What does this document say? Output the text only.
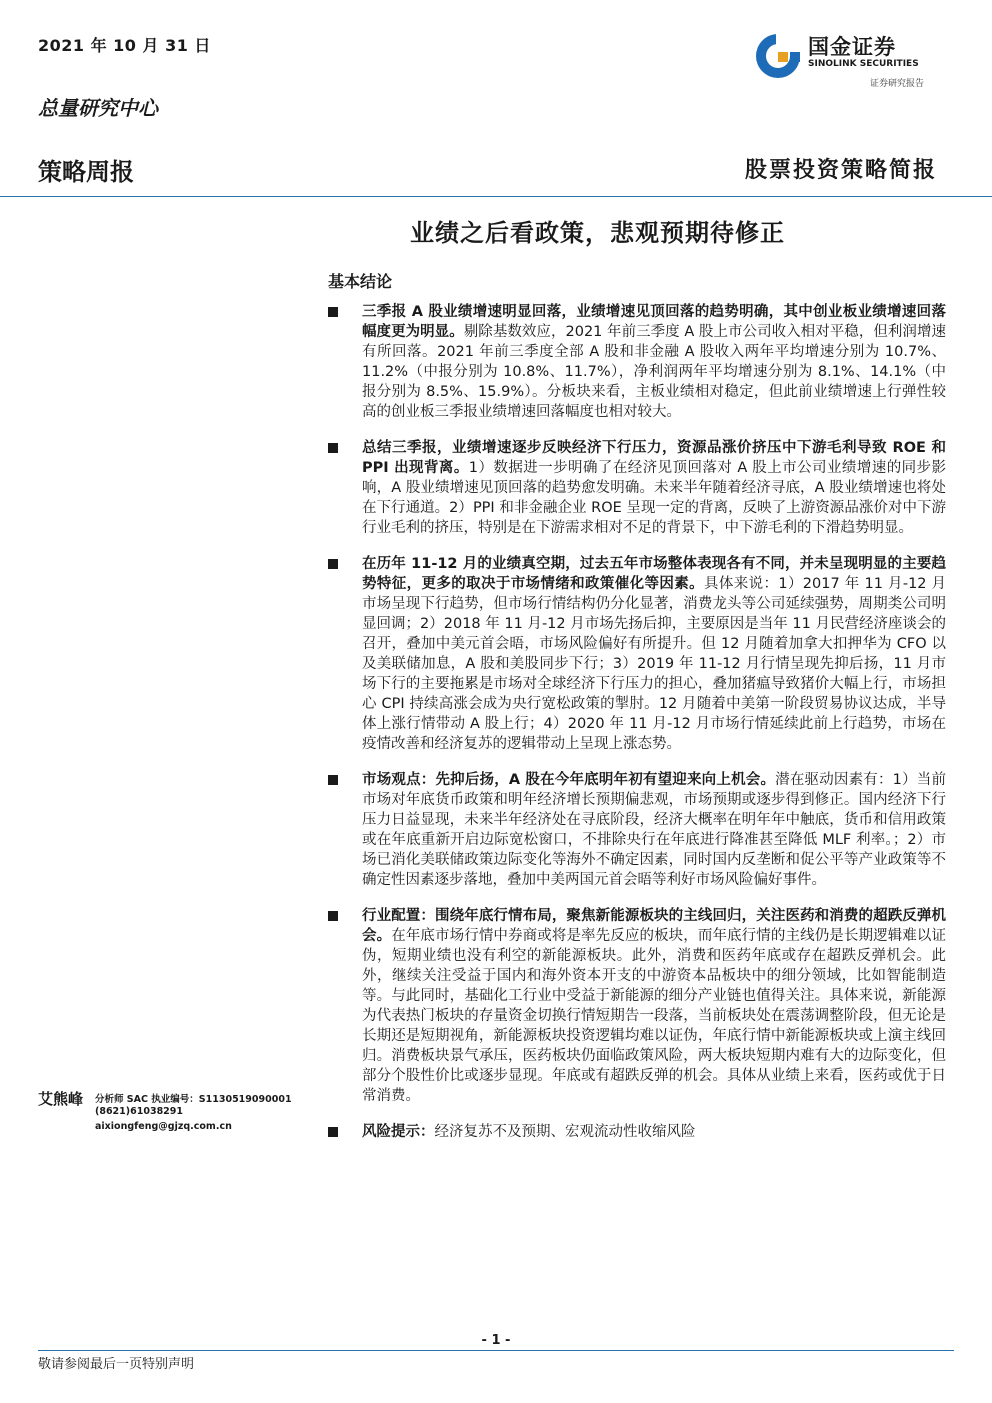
2021 年 10 月 31 日
总量研究中心
国金证券
SINOLINK SECURITIES
证券研究报告
策略周报	股票投资策略简报
业绩之后看政策，悲观预期待修正
基本结论
三季报 A 股业绩增速明显回落，业绩增速见顶回落的趋势明确，其中创业板业绩增速回落幅度更为明显。剔除基数效应，2021 年前三季度 A 股上市公司收入相对平稳，但利润增速有所回落。2021 年前三季度全部 A 股和非金融 A 股收入两年平均增速分别为 10.7%、11.2%（中报分别为 10.8%、11.7%），净利润两年平均增速分别为 8.1%、14.1%（中报分别为 8.5%、15.9%）。分板块来看，主板业绩相对稳定，但此前业绩增速上行弹性较高的创业板三季报业绩增速回落幅度也相对较大。
总结三季报，业绩增速逐步反映经济下行压力，资源品涨价挤压中下游毛利导致 ROE 和 PPI 出现背离。1）数据进一步明确了在经济见顶回落对 A 股上市公司业绩增速的同步影响，A 股业绩增速见顶回落的趋势愈发明确。未来半年随着经济寻底，A 股业绩增速也将处在下行通道。2）PPI 和非金融企业 ROE 呈现一定的背离，反映了上游资源品涨价对中下游行业毛利的挤压，特别是在下游需求相对不足的背景下，中下游毛利的下滑趋势明显。
在历年 11-12 月的业绩真空期，过去五年市场整体表现各有不同，并未呈现明显的主要趋势特征，更多的取决于市场情绪和政策催化等因素。具体来说：1）2017 年 11 月-12 月市场呈现下行趋势，但市场行情结构仍分化显著，消费龙头等公司延续强势，周期类公司明显回调；2）2018 年 11 月-12 月市场先扬后抑，主要原因是当年 11 月民营经济座谈会的召开，叠加中美元首会晤，市场风险偏好有所提升。但 12 月随着加拿大扣押华为 CFO 以及美联储加息，A 股和美股同步下行；3）2019 年 11-12 月行情呈现先抑后扬，11 月市场下行的主要拖累是市场对全球经济下行压力的担心，叠加猪瘟导致猪价大幅上行，市场担心 CPI 持续高涨会成为央行宽松政策的掣肘。12 月随着中美第一阶段贸易协议达成，半导体上涨行情带动 A 股上行；4）2020 年 11 月-12 月市场行情延续此前上行趋势，市场在疫情改善和经济复苏的逻辑带动上呈现上涨态势。
市场观点：先抑后扬，A 股在今年底明年初有望迎来向上机会。潜在驱动因素有：1）当前市场对年底货币政策和明年经济增长预期偏悲观，市场预期或逐步得到修正。国内经济下行压力日益显现，未来半年经济处在寻底阶段，经济大概率在明年年中触底，货币和信用政策或在年底重新开启边际宽松窗口，不排除央行在年底进行降准甚至降低 MLF 利率。；2）市场已消化美联储政策边际变化等海外不确定因素，同时国内反垄断和促公平等产业政策等不确定性因素逐步落地，叠加中美两国元首会晤等利好市场风险偏好事件。
行业配置：围绕年底行情布局，聚焦新能源板块的主线回归，关注医药和消费的超跌反弹机会。在年底市场行情中券商或将是率先反应的板块，而年底行情的主线仍是长期逻辑难以证伪，短期业绩也没有利空的新能源板块。此外，消费和医药年底或存在超跌反弹机会。此外，继续关注受益于国内和海外资本开支的中游资本品板块中的细分领域，比如智能制造等。与此同时，基础化工行业中受益于新能源的细分产业链也值得关注。具体来说，新能源为代表热门板块的存量资金切换行情短期告一段落，当前板块处在震荡调整阶段，但无论是长期还是短期视角，新能源板块投资逻辑均难以证伪，年底行情中新能源板块或上演主线回归。消费板块景气承压，医药板块仍面临政策风险，两大板块短期内难有大的边际变化，但部分个股性价比或逐步显现。年底或有超跌反弹的机会。具体从业绩上来看，医药或优于日常消费。
风险提示：经济复苏不及预期、宏观流动性收缩风险
艾熊峰 分析师 SAC 执业编号：S1130519090001
(8621)61038291
aixiongfeng@gjzq.com.cn
- 1 -
敬请参阅最后一页特别声明
